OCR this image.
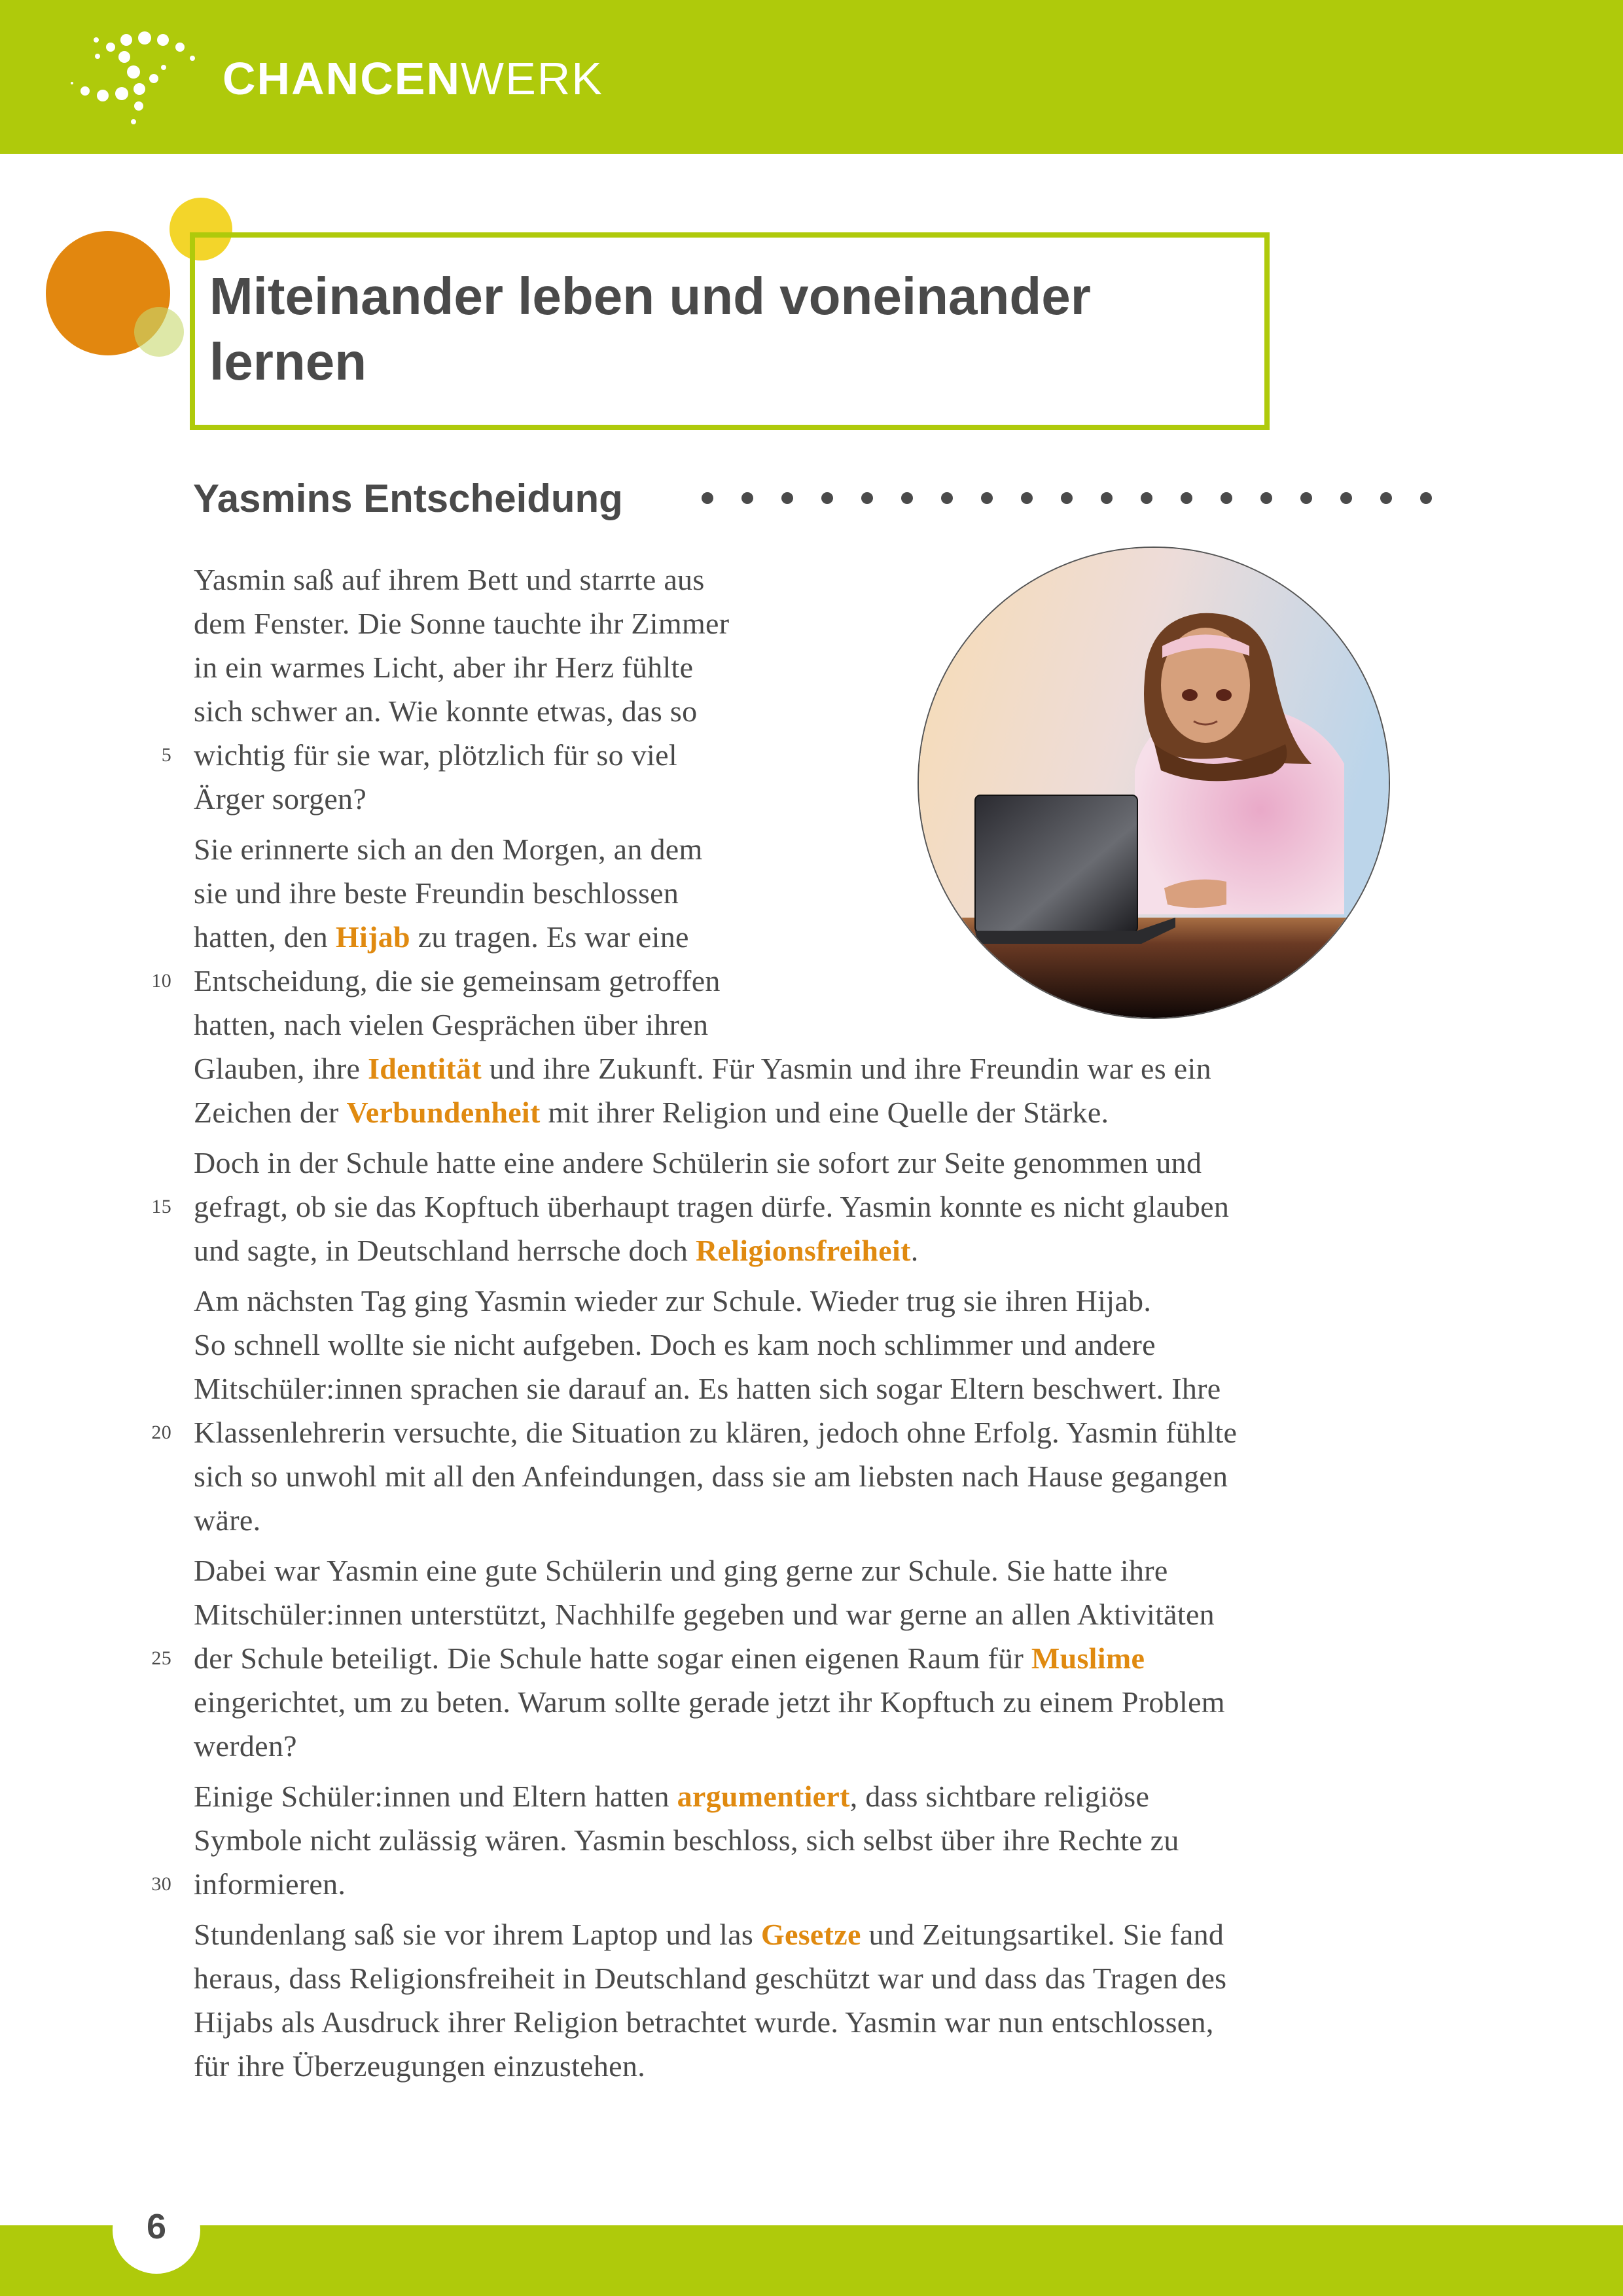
CHANCENWERK
Miteinander leben und voneinander
lernen
Yasmins Entscheidung
Yasmin saß auf ihrem Bett und starrte aus
dem Fenster. Die Sonne tauchte ihr Zimmer
in ein warmes Licht, aber ihr Herz fühlte
sich schwer an. Wie konnte etwas, das so
5 wichtig für sie war, plötzlich für so viel
Ärger sorgen?
Sie erinnerte sich an den Morgen, an dem
sie und ihre beste Freundin beschlossen
hatten, den Hijab zu tragen. Es war eine
10 Entscheidung, die sie gemeinsam getroffen
hatten, nach vielen Gesprächen über ihren
Glauben, ihre Identität und ihre Zukunft. Für Yasmin und ihre Freundin war es ein
Zeichen der Verbundenheit mit ihrer Religion und eine Quelle der Stärke.
Doch in der Schule hatte eine andere Schülerin sie sofort zur Seite genommen und
15 gefragt, ob sie das Kopftuch überhaupt tragen dürfe. Yasmin konnte es nicht glauben
und sagte, in Deutschland herrsche doch Religionsfreiheit.
Am nächsten Tag ging Yasmin wieder zur Schule. Wieder trug sie ihren Hijab.
So schnell wollte sie nicht aufgeben. Doch es kam noch schlimmer und andere
Mitschüler:innen sprachen sie darauf an. Es hatten sich sogar Eltern beschwert. Ihre
20 Klassenlehrerin versuchte, die Situation zu klären, jedoch ohne Erfolg. Yasmin fühlte
sich so unwohl mit all den Anfeindungen, dass sie am liebsten nach Hause gegangen
wäre.
Dabei war Yasmin eine gute Schülerin und ging gerne zur Schule. Sie hatte ihre
Mitschüler:innen unterstützt, Nachhilfe gegeben und war gerne an allen Aktivitäten
25 der Schule beteiligt. Die Schule hatte sogar einen eigenen Raum für Muslime
eingerichtet, um zu beten. Warum sollte gerade jetzt ihr Kopftuch zu einem Problem
werden?
Einige Schüler:innen und Eltern hatten argumentiert, dass sichtbare religiöse
Symbole nicht zulässig wären. Yasmin beschloss, sich selbst über ihre Rechte zu
30 informieren.
Stundenlang saß sie vor ihrem Laptop und las Gesetze und Zeitungsartikel. Sie fand
heraus, dass Religionsfreiheit in Deutschland geschützt war und dass das Tragen des
Hijabs als Ausdruck ihrer Religion betrachtet wurde. Yasmin war nun entschlossen,
für ihre Überzeugungen einzustehen.
6
